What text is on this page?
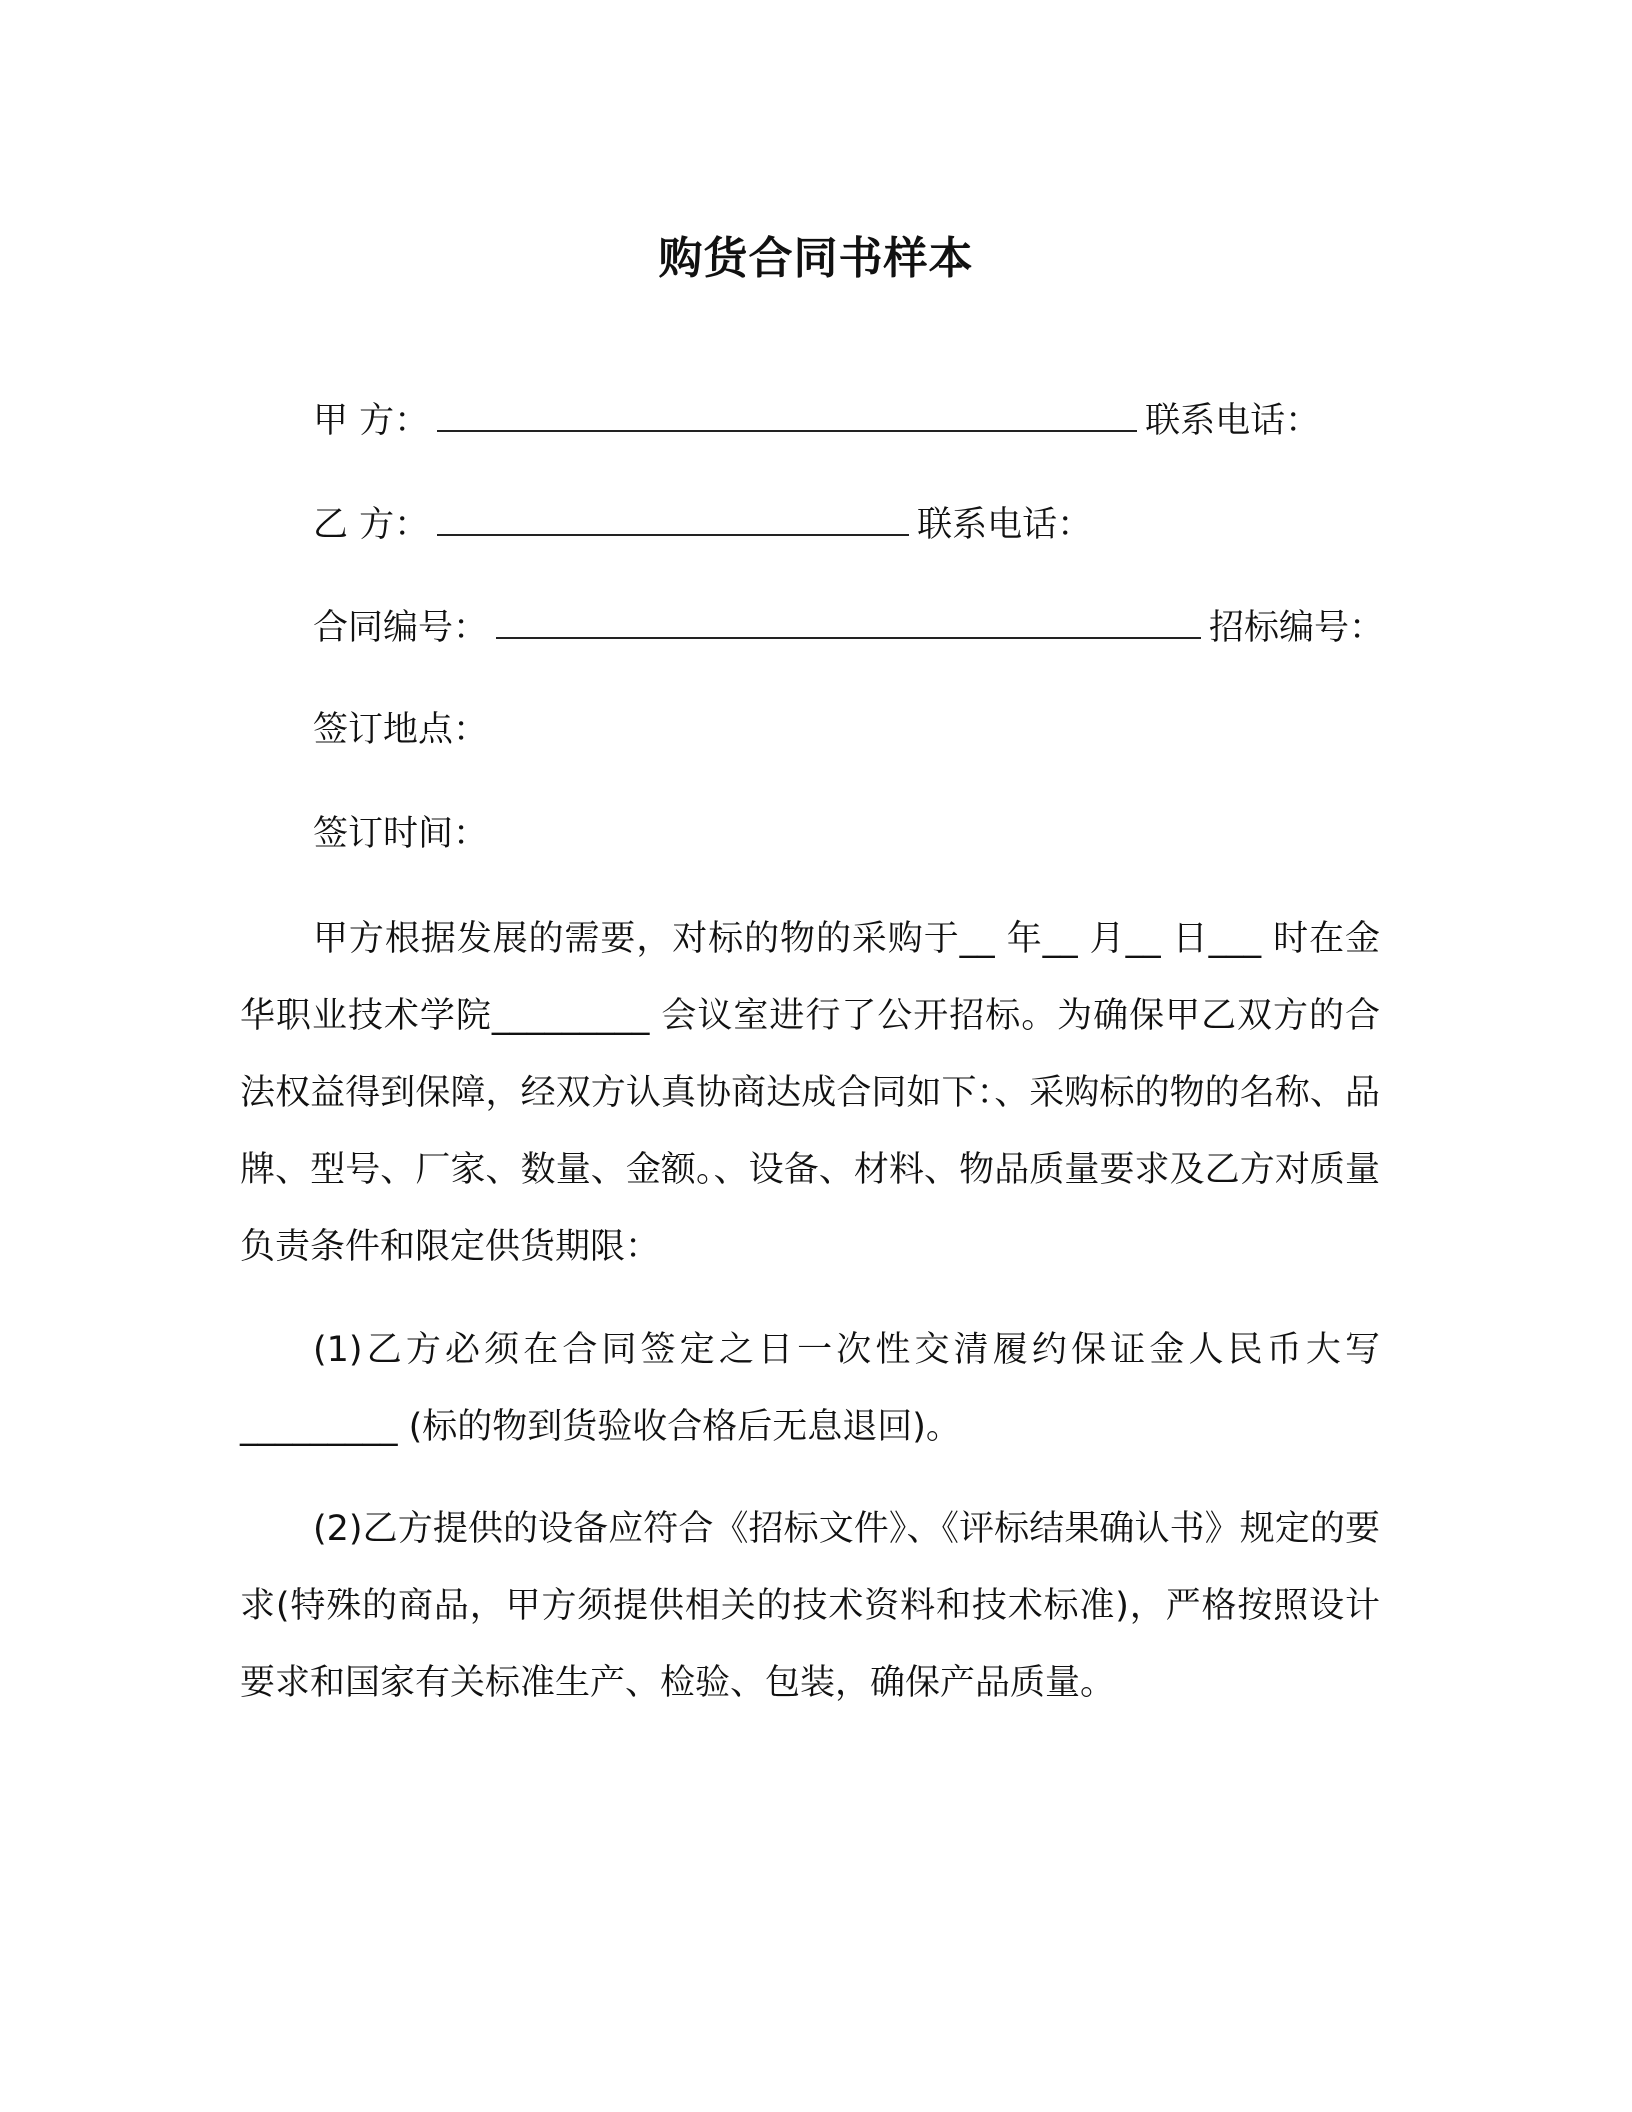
购货合同书样本
甲 方：	联系电话：
乙 方：	联系电话：
合同编号：	招标编号：
签订地点：
签订时间：

甲方根据发展的需要，对标的物的采购于__ 年__ 月__ 日___ 时在金华职业技术学院_________ 会议室进行了公开招标。为确保甲乙双方的合法权益得到保障，经双方认真协商达成合同如下：、采购标的物的名称、品牌、型号、厂家、数量、金额。、设备、材料、物品质量要求及乙方对质量负责条件和限定供货期限：

(1)乙方必须在合同签定之日一次性交清履约保证金人民币大写_________ (标的物到货验收合格后无息退回)。

(2)乙方提供的设备应符合《招标文件》、《评标结果确认书》规定的要求(特殊的商品，甲方须提供相关的技术资料和技术标准)，严格按照设计要求和国家有关标准生产、检验、包装，确保产品质量。
